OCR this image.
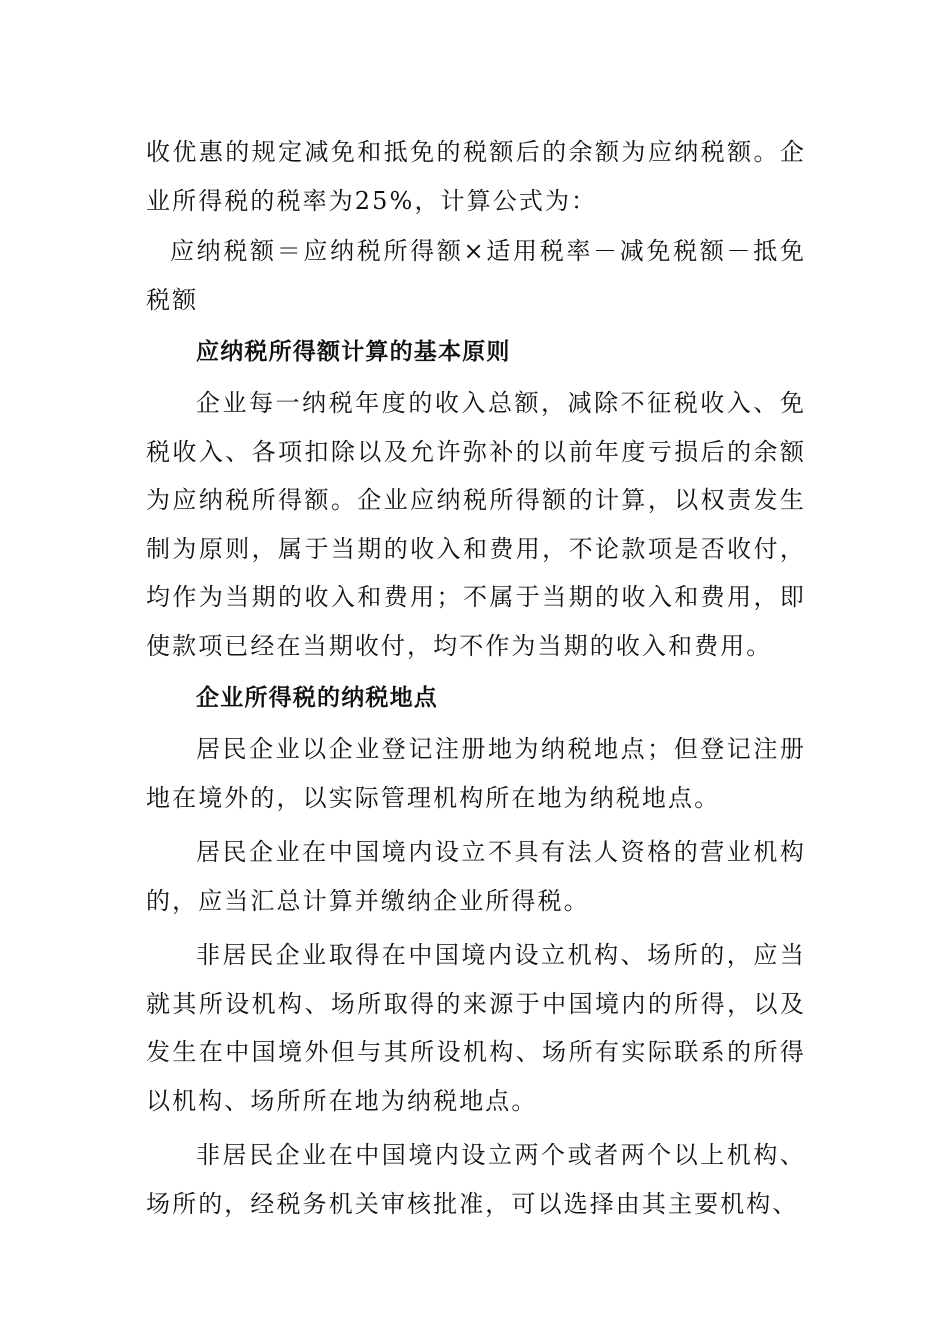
收优惠的规定减免和抵免的税额后的余额为应纳税额。企业所得税的税率为25%，计算公式为：

应纳税额＝应纳税所得额×适用税率－减免税额－抵免税额

应纳税所得额计算的基本原则

企业每一纳税年度的收入总额，减除不征税收入、免税收入、各项扣除以及允许弥补的以前年度亏损后的余额为应纳税所得额。企业应纳税所得额的计算，以权责发生制为原则，属于当期的收入和费用，不论款项是否收付，均作为当期的收入和费用；不属于当期的收入和费用，即使款项已经在当期收付，均不作为当期的收入和费用。

企业所得税的纳税地点

居民企业以企业登记注册地为纳税地点；但登记注册地在境外的，以实际管理机构所在地为纳税地点。

居民企业在中国境内设立不具有法人资格的营业机构的，应当汇总计算并缴纳企业所得税。

非居民企业取得在中国境内设立机构、场所的，应当就其所设机构、场所取得的来源于中国境内的所得，以及发生在中国境外但与其所设机构、场所有实际联系的所得以机构、场所所在地为纳税地点。

非居民企业在中国境内设立两个或者两个以上机构、场所的，经税务机关审核批准，可以选择由其主要机构、
